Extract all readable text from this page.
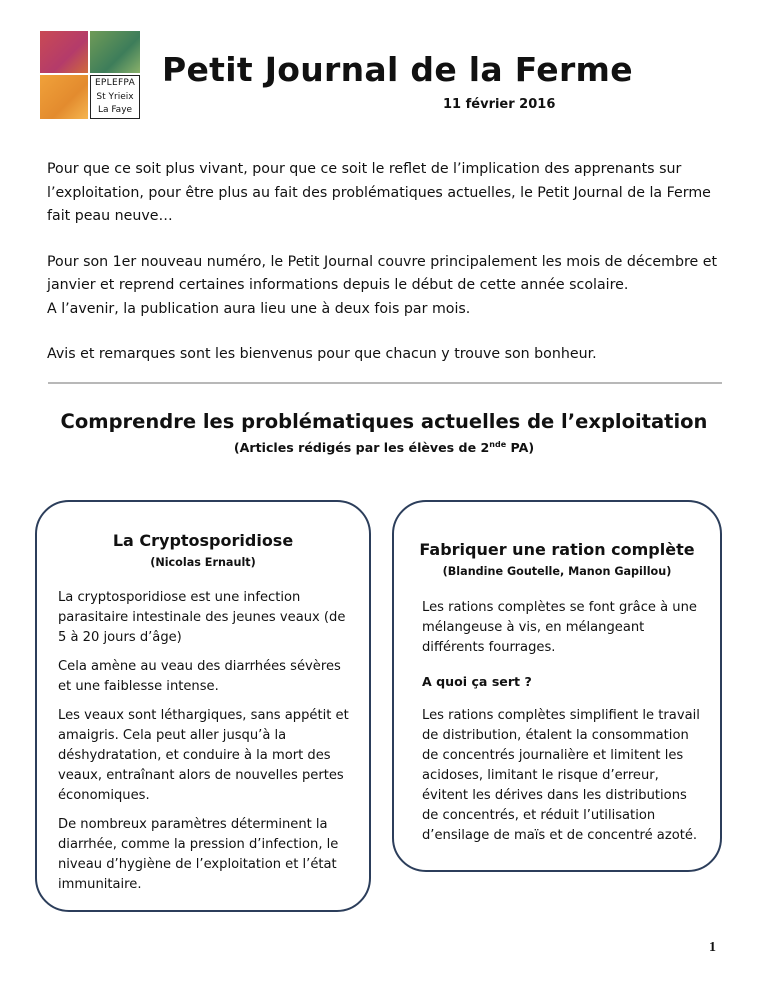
EPLEFPA
St Yrieix
La Faye
Petit Journal de la Ferme
11 février 2016

Pour que ce soit plus vivant, pour que ce soit le reflet de l’implication des apprenants sur l’exploitation, pour être plus au fait des problématiques actuelles, le Petit Journal de la Ferme fait peau neuve…

Pour son 1er nouveau numéro, le Petit Journal couvre principalement les mois de décembre et janvier et reprend certaines informations depuis le début de cette année scolaire.
A l’avenir, la publication aura lieu une à deux fois par mois.

Avis et remarques sont les bienvenus pour que chacun y trouve son bonheur.

Comprendre les problématiques actuelles de l’exploitation
(Articles rédigés par les élèves de 2nde PA)
La Cryptosporidiose
(Nicolas Ernault)

La cryptosporidiose est une infection parasitaire intestinale des jeunes veaux (de 5 à 20 jours d’âge)

Cela amène au veau des diarrhées sévères et une faiblesse intense.

Les veaux sont léthargiques, sans appétit et amaigris. Cela peut aller jusqu’à la déshydratation, et conduire à la mort des veaux, entraînant alors de nouvelles pertes économiques.

De nombreux paramètres déterminent la diarrhée, comme la pression d’infection, le niveau d’hygiène de l’exploitation et l’état immunitaire.

Fabriquer une ration complète
(Blandine Goutelle, Manon Gapillou)

Les rations complètes se font grâce à une mélangeuse à vis, en mélangeant différents fourrages.

A quoi ça sert ?

Les rations complètes simplifient le travail de distribution, étalent la consommation de concentrés journalière et limitent les acidoses, limitant le risque d’erreur, évitent les dérives dans les distributions de concentrés, et réduit l’utilisation d’ensilage de maïs et de concentré azoté.

1
